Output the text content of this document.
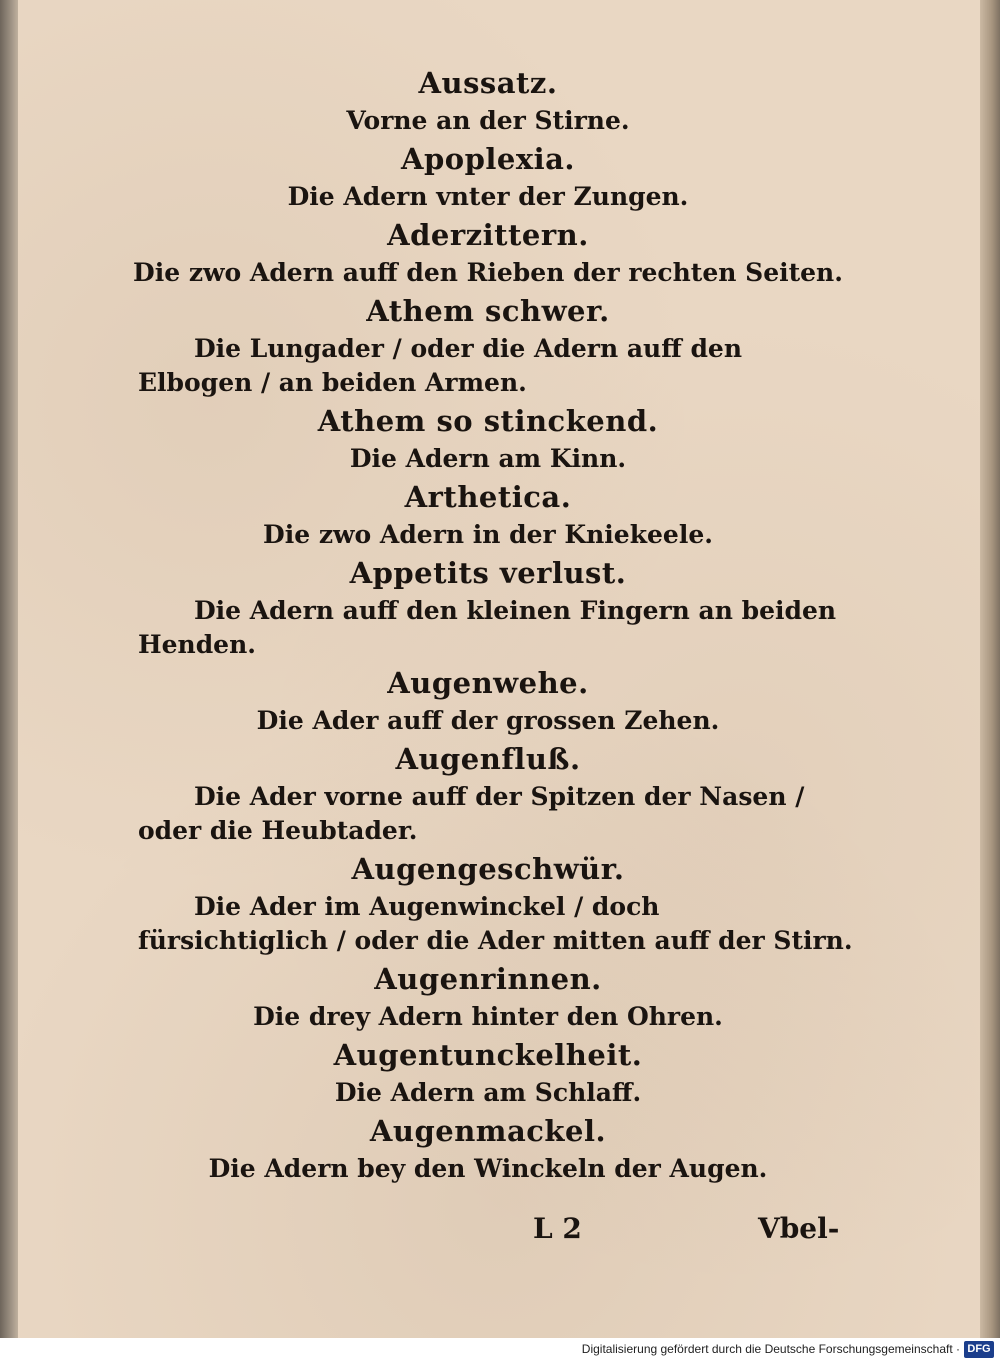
Aussatz.
Vorne an der Stirne.
Apoplexia.
Die Adern vnter der Zungen.
Aderzittern.
Die zwo Adern auff den Rieben der rechten Seiten.
Athem schwer.
Die Lungader / oder die Adern auff den Elbogen / an beiden Armen.
Athem so stinckend.
Die Adern am Kinn.
Arthetica.
Die zwo Adern in der Kniekeele.
Appetits verlust.
Die Adern auff den kleinen Fingern an beiden Henden.
Augenwehe.
Die Ader auff der grossen Zehen.
Augenfluß.
Die Ader vorne auff der Spitzen der Nasen / oder die Heubtader.
Augengeschwür.
Die Ader im Augenwinckel / doch fürsichtiglich / oder die Ader mitten auff der Stirn.
Augenrinnen.
Die drey Adern hinter den Ohren.
Augentunckelheit.
Die Adern am Schlaff.
Augenmackel.
Die Adern bey den Winckeln der Augen.
L 2	Vbel-
Digitalisierung gefördert durch die Deutsche Forschungsgemeinschaft · DFG
